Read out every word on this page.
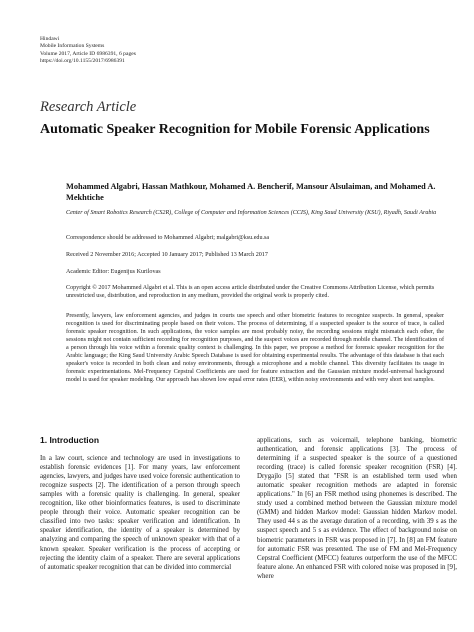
Hindawi
Mobile Information Systems
Volume 2017, Article ID 6986391, 6 pages
https://doi.org/10.1155/2017/6986391
Research Article
Automatic Speaker Recognition for Mobile Forensic Applications
Mohammed Algabri, Hassan Mathkour, Mohamed A. Bencherif, Mansour Alsulaiman, and Mohamed A. Mekhtiche
Center of Smart Robotics Research (CS2R), College of Computer and Information Sciences (CCIS), King Saud University (KSU), Riyadh, Saudi Arabia
Correspondence should be addressed to Mohammed Algabri; malgabri@ksu.edu.sa
Received 2 November 2016; Accepted 10 January 2017; Published 13 March 2017
Academic Editor: Eugenijus Kurilovas
Copyright © 2017 Mohammed Algabri et al. This is an open access article distributed under the Creative Commons Attribution License, which permits unrestricted use, distribution, and reproduction in any medium, provided the original work is properly cited.
Presently, lawyers, law enforcement agencies, and judges in courts use speech and other biometric features to recognize suspects. In general, speaker recognition is used for discriminating people based on their voices. The process of determining, if a suspected speaker is the source of trace, is called forensic speaker recognition. In such applications, the voice samples are most probably noisy, the recording sessions might mismatch each other, the sessions might not contain sufficient recording for recognition purposes, and the suspect voices are recorded through mobile channel. The identification of a person through his voice within a forensic quality context is challenging. In this paper, we propose a method for forensic speaker recognition for the Arabic language; the King Saud University Arabic Speech Database is used for obtaining experimental results. The advantage of this database is that each speaker's voice is recorded in both clean and noisy environments, through a microphone and a mobile channel. This diversity facilitates its usage in forensic experimentations. Mel-Frequency Cepstral Coefficients are used for feature extraction and the Gaussian mixture model-universal background model is used for speaker modeling. Our approach has shown low equal error rates (EER), within noisy environments and with very short test samples.
1. Introduction
In a law court, science and technology are used in investigations to establish forensic evidences [1]. For many years, law enforcement agencies, lawyers, and judges have used voice forensic authentication to recognize suspects [2]. The identification of a person through speech samples with a forensic quality is challenging. In general, speaker recognition, like other bioinformatics features, is used to discriminate people through their voice. Automatic speaker recognition can be classified into two tasks: speaker verification and identification. In speaker identification, the identity of a speaker is determined by analyzing and comparing the speech of unknown speaker with that of a known speaker. Speaker verification is the process of accepting or rejecting the identity claim of a speaker. There are several applications of automatic speaker recognition that can be divided into commercial
applications, such as voicemail, telephone banking, biometric authentication, and forensic applications [3]. The process of determining if a suspected speaker is the source of a questioned recording (trace) is called forensic speaker recognition (FSR) [4]. Drygajlo [5] stated that "FSR is an established term used when automatic speaker recognition methods are adapted in forensic applications." In [6] an FSR method using phonemes is described. The study used a combined method between the Gaussian mixture model (GMM) and hidden Markov model: Gaussian hidden Markov model. They used 44 s as the average duration of a recording, with 39 s as the suspect speech and 5 s as evidence. The effect of background noise on biometric parameters in FSR was proposed in [7]. In [8] an FM feature for automatic FSR was presented. The use of FM and Mel-Frequency Cepstral Coefficient (MFCC) features outperform the use of the MFCC feature alone. An enhanced FSR with colored noise was proposed in [9], where
